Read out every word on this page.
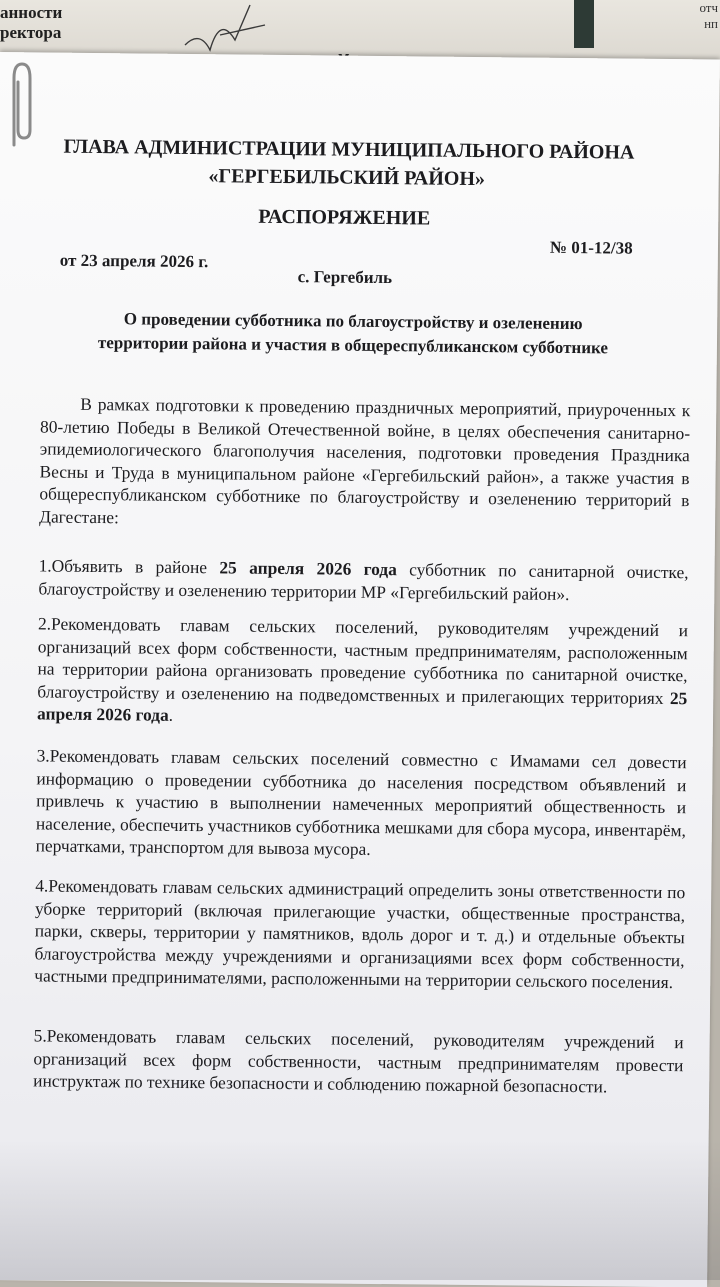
анности
ректора
отч
нп
ГЛАВА АДМИНИСТРАЦИИ МУНИЦИПАЛЬНОГО РАЙОНА
«ГЕРГЕБИЛЬСКИЙ РАЙОН»
РАСПОРЯЖЕНИЕ
№ 01-12/38
от 23 апреля 2026 г.
с. Гергебиль
О проведении субботника по благоустройству и озеленению
территории района и участия в общереспубликанском субботнике
В рамках подготовки к проведению праздничных мероприятий, приуроченных к 80-летию Победы в Великой Отечественной войне, в целях обеспечения санитарно-эпидемиологического благополучия населения, подготовки проведения Праздника Весны и Труда в муниципальном районе «Гергебильский район», а также участия в общереспубликанском субботнике по благоустройству и озеленению территорий в Дагестане:
1.Объявить в районе 25 апреля 2026 года субботник по санитарной очистке, благоустройству и озеленению территории МР «Гергебильский район».
2.Рекомендовать главам сельских поселений, руководителям учреждений и организаций всех форм собственности, частным предпринимателям, расположенным на территории района организовать проведение субботника по санитарной очистке, благоустройству и озеленению на подведомственных и прилегающих территориях 25 апреля 2026 года.
3.Рекомендовать главам сельских поселений совместно с Имамами сел довести информацию о проведении субботника до населения посредством объявлений и привлечь к участию в выполнении намеченных мероприятий общественность и население, обеспечить участников субботника мешками для сбора мусора, инвентарём, перчатками, транспортом для вывоза мусора.
4.Рекомендовать главам сельских администраций определить зоны ответственности по уборке территорий (включая прилегающие участки, общественные пространства, парки, скверы, территории у памятников, вдоль дорог и т. д.) и отдельные объекты благоустройства между учреждениями и организациями всех форм собственности, частными предпринимателями, расположенными на территории сельского поселения.
5.Рекомендовать главам сельских поселений, руководителям учреждений и организаций всех форм собственности, частным предпринимателям провести инструктаж по технике безопасности и соблюдению пожарной безопасности.
